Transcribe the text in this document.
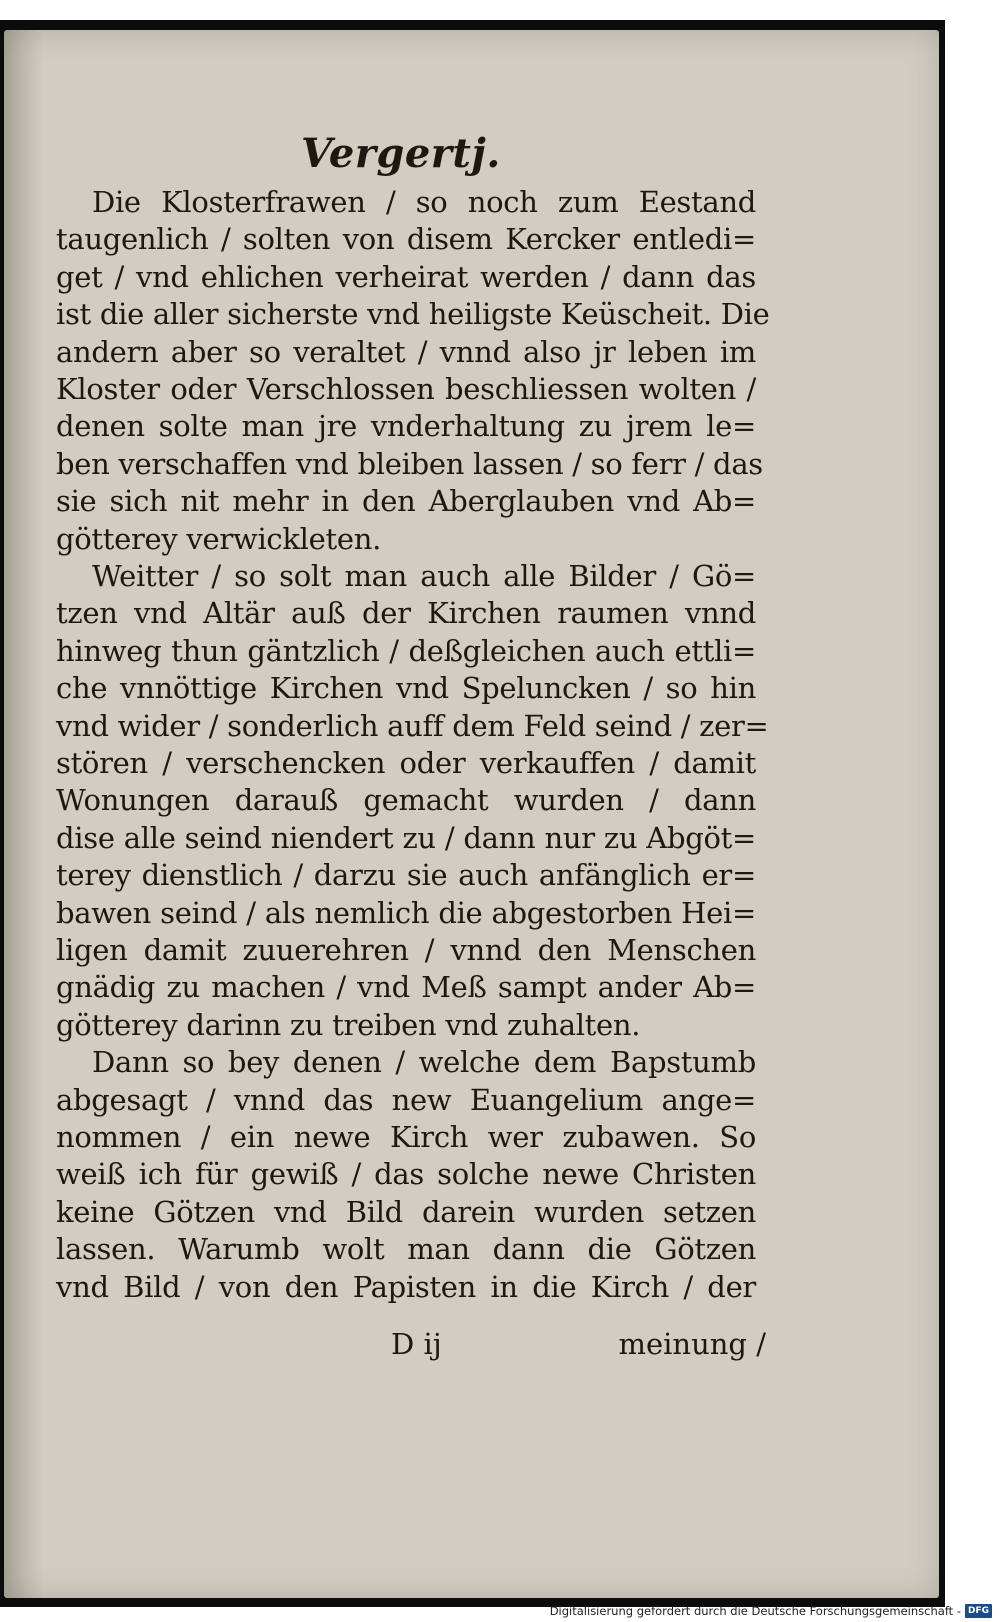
Vergertj.
Die Klosterfrawen / so noch zum Eestand
taugenlich / solten von disem Kercker entledi=
get / vnd ehlichen verheirat werden / dann das
ist die aller sicherste vnd heiligste Keüscheit. Die
andern aber so veraltet / vnnd also jr leben im
Kloster oder Verschlossen beschliessen wolten /
denen solte man jre vnderhaltung zu jrem le=
ben verschaffen vnd bleiben lassen / so ferr / das
sie sich nit mehr in den Aberglauben vnd Ab=
götterey verwickleten.
Weitter / so solt man auch alle Bilder / Gö=
tzen vnd Altär auß der Kirchen raumen vnnd
hinweg thun gäntzlich / deßgleichen auch ettli=
che vnnöttige Kirchen vnd Speluncken / so hin
vnd wider / sonderlich auff dem Feld seind / zer=
stören / verschencken oder verkauffen / damit
Wonungen darauß gemacht wurden / dann
dise alle seind niendert zu / dann nur zu Abgöt=
terey dienstlich / darzu sie auch anfänglich er=
bawen seind / als nemlich die abgestorben Hei=
ligen damit zuuerehren / vnnd den Menschen
gnädig zu machen / vnd Meß sampt ander Ab=
götterey darinn zu treiben vnd zuhalten.
Dann so bey denen / welche dem Bapstumb
abgesagt / vnnd das new Euangelium ange=
nommen / ein newe Kirch wer zubawen. So
weiß ich für gewiß / das solche newe Christen
keine Götzen vnd Bild darein wurden setzen
lassen. Warumb wolt man dann die Götzen
vnd Bild / von den Papisten in die Kirch / der
D ij	meinung /
Digitalisierung gefördert durch die Deutsche Forschungsgemeinschaft - DFG
